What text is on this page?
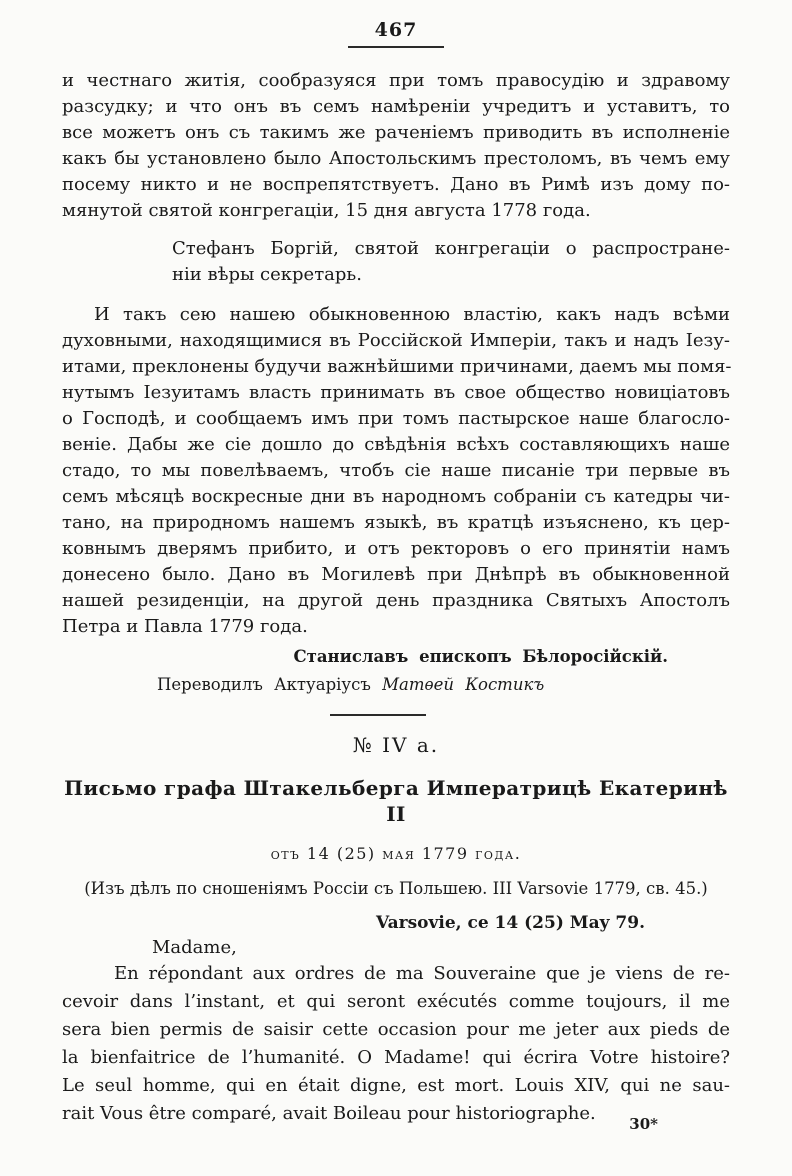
467
и честнаго житія, сообразуяся при томъ правосудію и здравому
разсудку; и что онъ въ семъ намѣреніи учредитъ и уставитъ, то
все можетъ онъ съ такимъ же раченіемъ приводить въ исполненіе
какъ бы установлено было Апостольскимъ престоломъ, въ чемъ ему
посему никто и не воспрепятствуетъ. Дано въ Римѣ изъ дому по-
мянутой святой конгрегаціи, 15 дня августа 1778 года.
Стефанъ Боргій, святой конгрегаціи о распростране-
ніи вѣры секретарь.
И такъ сею нашею обыкновенною властію, какъ надъ всѣми
духовными, находящимися въ Россійской Имперіи, такъ и надъ Іезу-
итами, преклонены будучи важнѣйшими причинами, даемъ мы помя-
нутымъ Іезуитамъ власть принимать въ свое общество новиціатовъ
о Господѣ, и сообщаемъ имъ при томъ пастырское наше благосло-
веніе. Дабы же сіе дошло до свѣдѣнія всѣхъ составляющихъ наше
стадо, то мы повелѣваемъ, чтобъ сіе наше писаніе три первые въ
семъ мѣсяцѣ воскресные дни въ народномъ собраніи съ катедры чи-
тано, на природномъ нашемъ языкѣ, въ кратцѣ изъяснено, къ цер-
ковнымъ дверямъ прибито, и отъ ректоровъ о его принятіи намъ
донесено было. Дано въ Могилевѣ при Днѣпрѣ въ обыкновенной
нашей резиденціи, на другой день праздника Святыхъ Апостолъ
Петра и Павла 1779 года.
Станиславъ епископъ Бѣлоросійскій.
Переводилъ Актуаріусъ Матѳей Костикъ
№ IV a.
Письмо графа Штакельберга Императрицѣ Екатеринѣ II
отъ 14 (25) мая 1779 года.
(Изъ дѣлъ по сношеніямъ Россіи съ Польшею. III Varsovie 1779, св. 45.)
Varsovie, ce 14 (25) May 79.
Madame,
En répondant aux ordres de ma Souveraine que je viens de re-
cevoir dans l’instant, et qui seront exécutés comme toujours, il me
sera bien permis de saisir cette occasion pour me jeter aux pieds de
la bienfaitrice de l’humanité. O Madame! qui écrira Votre histoire?
Le seul homme, qui en était digne, est mort. Louis XIV, qui ne sau-
rait Vous être comparé, avait Boileau pour historiographe.	30*
